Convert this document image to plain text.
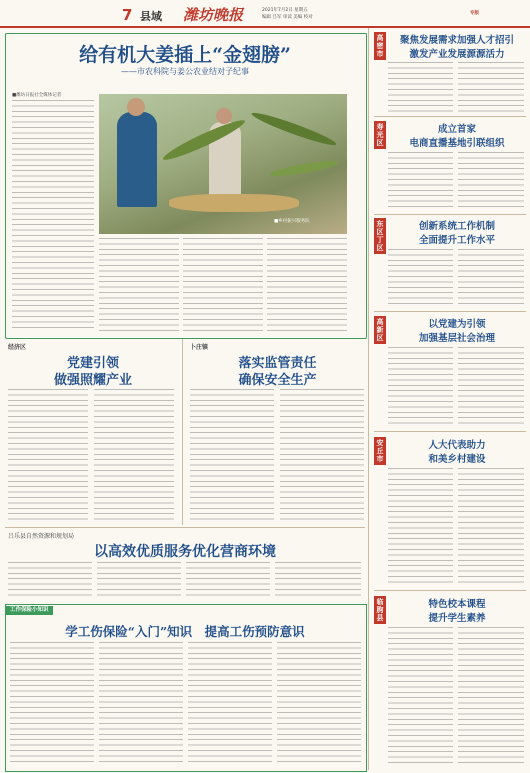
7 县域 潍坊晚报	2021年7月2日 星期五
编辑 吕军 审读 美编 校对
专版
给有机大姜插上“金翅膀”
——市农科院与姜公农业结对子纪事
■潍坊日报社全媒体记者
■乡村振兴服务队
经济区
党建引领
做强照耀产业
卜庄镇
落实监管责任
确保安全生产
吕乐县自然资源和规划局
以高效优质服务优化营商环境
工作保险小知识
学工伤保险“入门”知识　提高工伤预防意识
高密市
聚焦发展需求加强人才招引
激发产业发展源源活力
寿光区
成立首家
电商直播基地引联组织
东区丁区
创新系统工作机制
全面提升工作水平
高新区
以党建为引领
加强基层社会治理
安丘市
人大代表助力
和美乡村建设
临朐县
特色校本课程
提升学生素养
